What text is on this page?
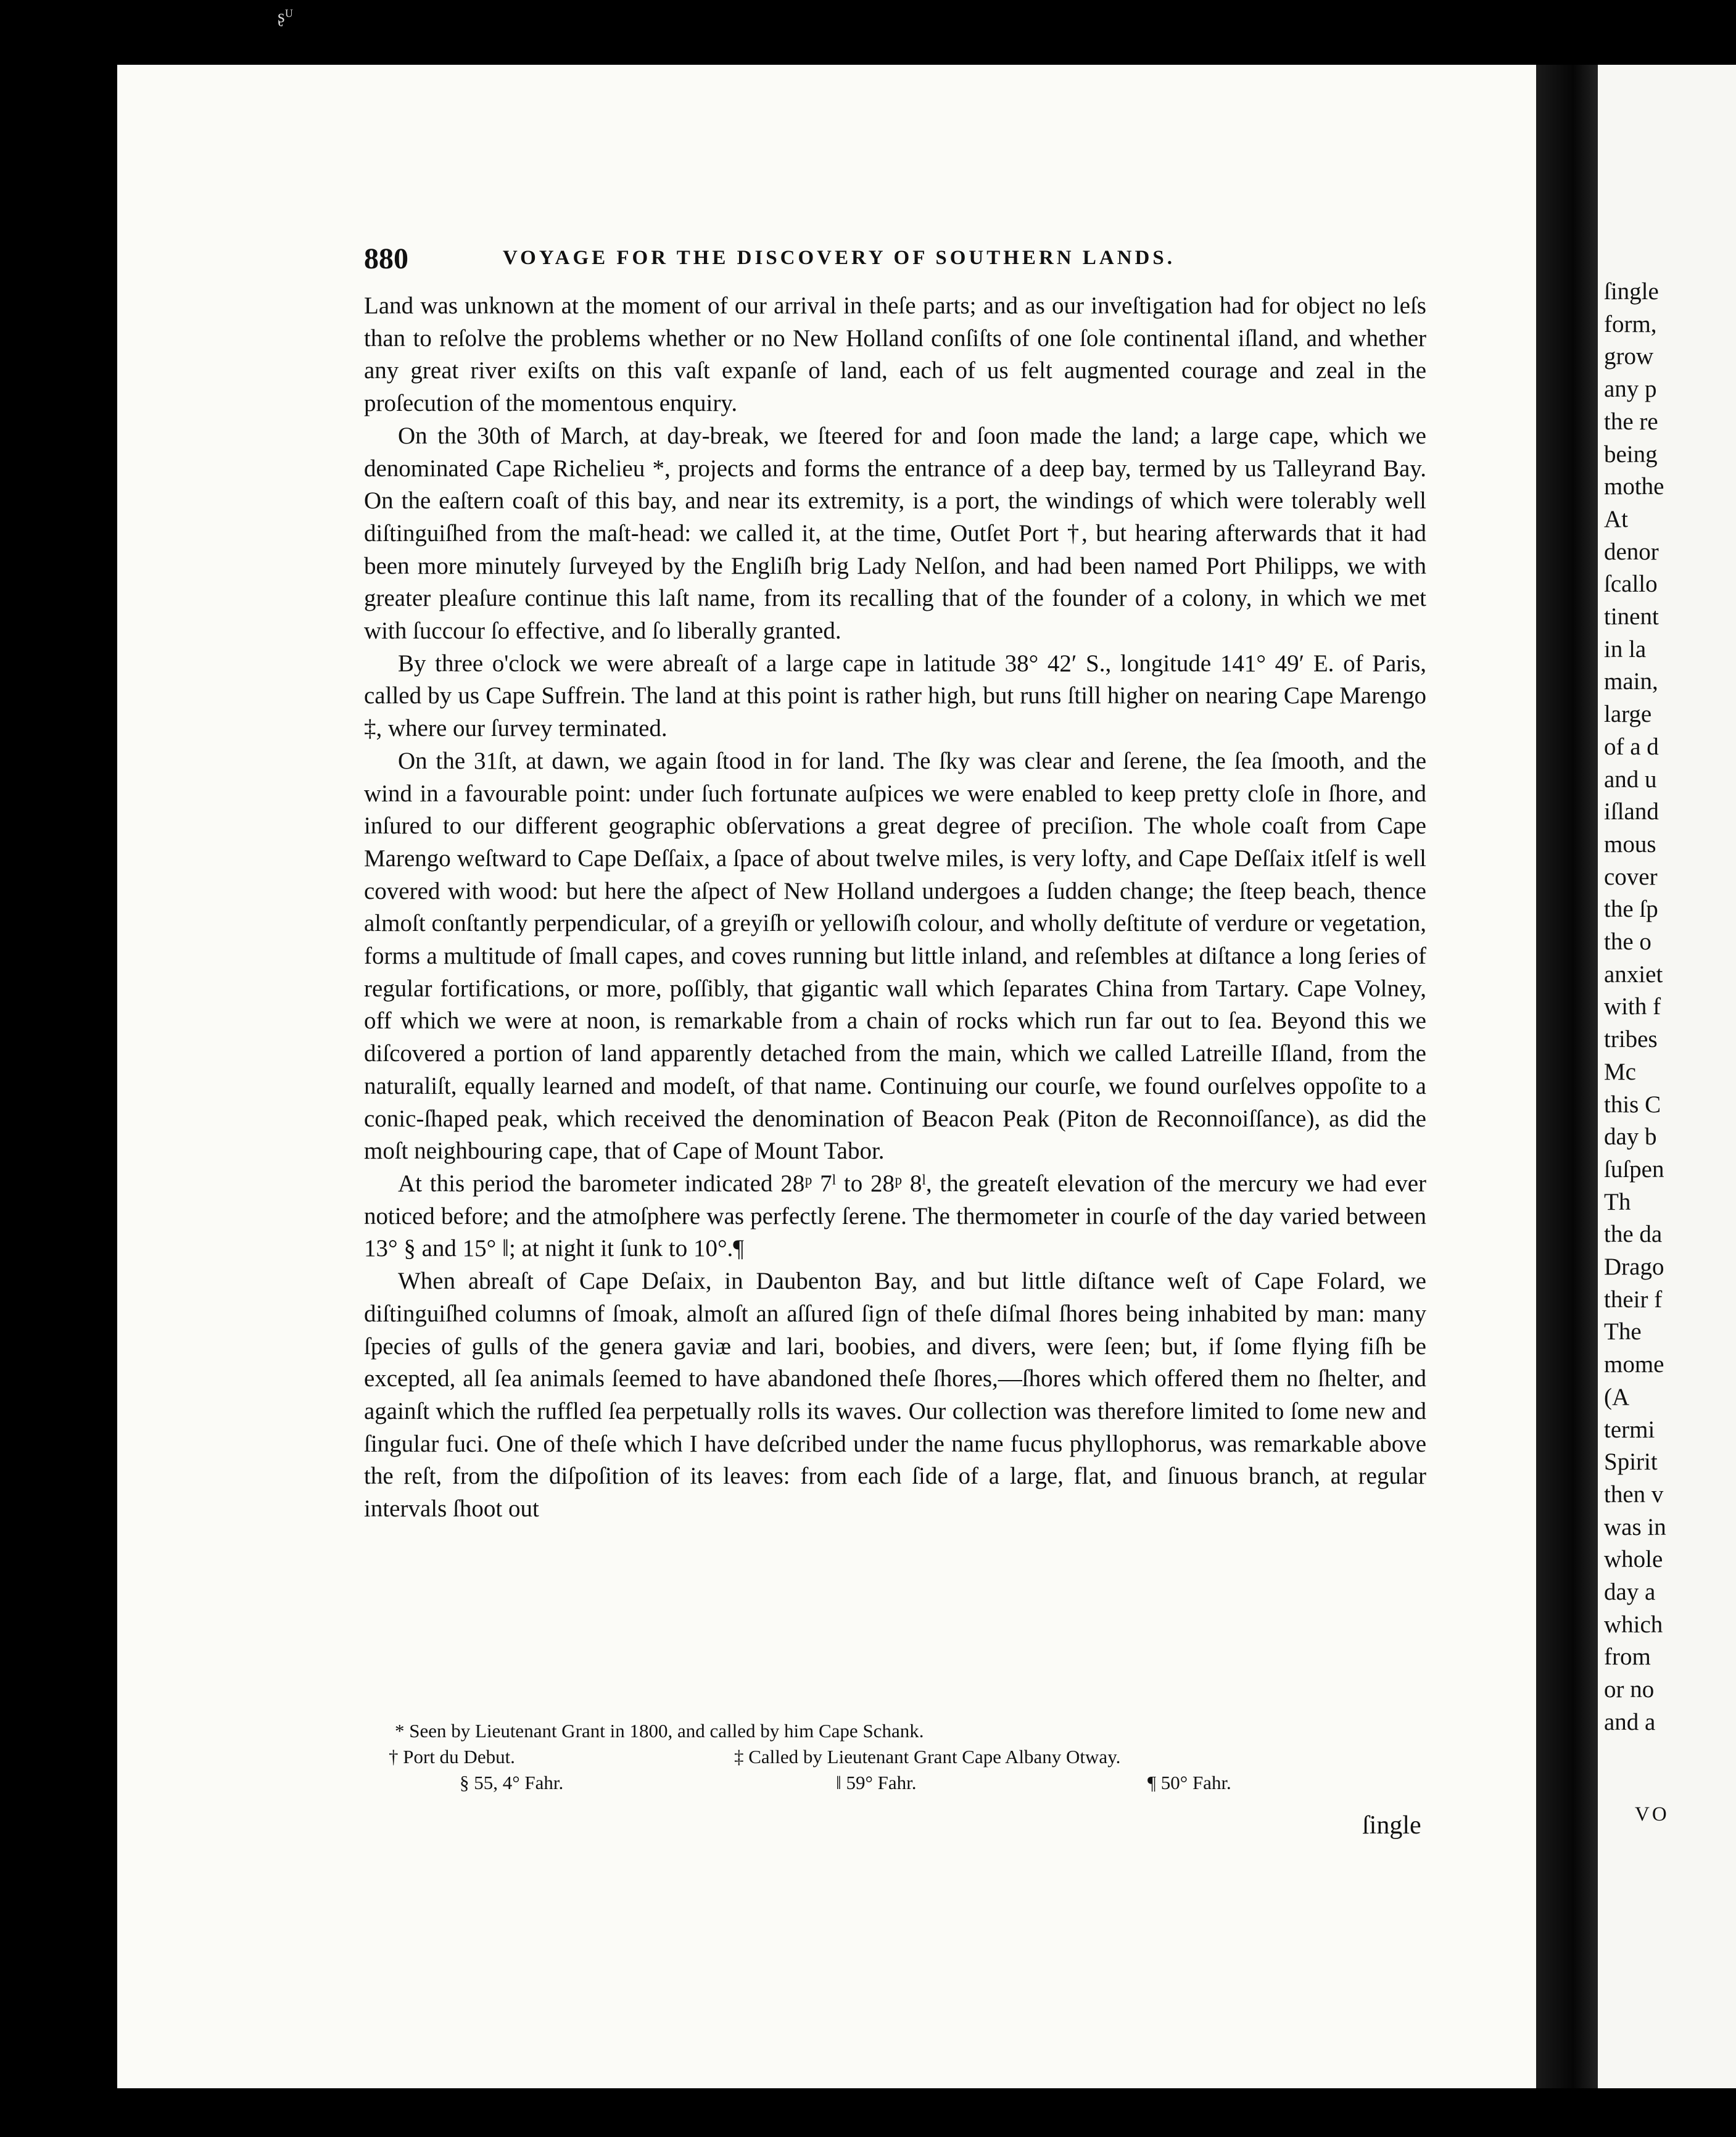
ʂᵁ
ſingle
form,
grow
any p
the re
being
mothe
At
denor
ſcallo
tinent
in la
main,
large
of a d
and u
iſland
mous
cover
the ſp
the o
anxiet
with f
tribes
Mc
this C
day b
ſuſpen
Th
the da
Drago
their f
The
mome
(A
termi
Spirit
then v
was in
whole
day a
which
from
or no
and a
VO
880	VOYAGE FOR THE DISCOVERY OF SOUTHERN LANDS.

Land was unknown at the moment of our arrival in theſe parts; and as our inveſtigation had for object no leſs than to reſolve the problems whether or no New Holland conſiſts of one ſole continental iſland, and whether any great river exiſts on this vaſt expanſe of land, each of us felt augmented courage and zeal in the proſecution of the momentous enquiry.

On the 30th of March, at day-break, we ſteered for and ſoon made the land; a large cape, which we denominated Cape Richelieu *, projects and forms the entrance of a deep bay, termed by us Talleyrand Bay. On the eaſtern coaſt of this bay, and near its extremity, is a port, the windings of which were tolerably well diſtinguiſhed from the maſt-head: we called it, at the time, Outſet Port †, but hearing afterwards that it had been more minutely ſurveyed by the Engliſh brig Lady Nelſon, and had been named Port Philipps, we with greater pleaſure continue this laſt name, from its recalling that of the founder of a colony, in which we met with ſuccour ſo effective, and ſo liberally granted.

By three o'clock we were abreaſt of a large cape in latitude 38° 42′ S., longitude 141° 49′ E. of Paris, called by us Cape Suffrein. The land at this point is rather high, but runs ſtill higher on nearing Cape Marengo ‡, where our ſurvey terminated.

On the 31ſt, at dawn, we again ſtood in for land. The ſky was clear and ſerene, the ſea ſmooth, and the wind in a favourable point: under ſuch fortunate auſpices we were enabled to keep pretty cloſe in ſhore, and inſured to our different geographic obſervations a great degree of preciſion. The whole coaſt from Cape Marengo weſtward to Cape Deſſaix, a ſpace of about twelve miles, is very lofty, and Cape Deſſaix itſelf is well covered with wood: but here the aſpect of New Holland undergoes a ſudden change; the ſteep beach, thence almoſt conſtantly perpendicular, of a greyiſh or yellowiſh colour, and wholly deſtitute of verdure or vegetation, forms a multitude of ſmall capes, and coves running but little inland, and reſembles at diſtance a long ſeries of regular fortifications, or more, poſſibly, that gigantic wall which ſeparates China from Tartary. Cape Volney, off which we were at noon, is remarkable from a chain of rocks which run far out to ſea. Beyond this we diſcovered a portion of land apparently detached from the main, which we called Latreille Iſland, from the naturaliſt, equally learned and modeſt, of that name. Continuing our courſe, we found ourſelves oppoſite to a conic-ſhaped peak, which received the denomination of Beacon Peak (Piton de Reconnoiſſance), as did the moſt neighbouring cape, that of Cape of Mount Tabor.

At this period the barometer indicated 28ᵖ 7ˡ to 28ᵖ 8ˡ, the greateſt elevation of the mercury we had ever noticed before; and the atmoſphere was perfectly ſerene. The thermometer in courſe of the day varied between 13° § and 15° ‖; at night it ſunk to 10°.¶

When abreaſt of Cape Deſaix, in Daubenton Bay, and but little diſtance weſt of Cape Folard, we diſtinguiſhed columns of ſmoak, almoſt an aſſured ſign of theſe diſmal ſhores being inhabited by man: many ſpecies of gulls of the genera gaviæ and lari, boobies, and divers, were ſeen; but, if ſome flying fiſh be excepted, all ſea animals ſeemed to have abandoned theſe ſhores,—ſhores which offered them no ſhelter, and againſt which the ruffled ſea perpetually rolls its waves. Our collection was therefore limited to ſome new and ſingular fuci. One of theſe which I have deſcribed under the name fucus phyllophorus, was remarkable above the reſt, from the diſpoſition of its leaves: from each ſide of a large, flat, and ſinuous branch, at regular intervals ſhoot out

* Seen by Lieutenant Grant in 1800, and called by him Cape Schank.
† Port du Debut.	‡ Called by Lieutenant Grant Cape Albany Otway.
§ 55, 4° Fahr.	‖ 59° Fahr.	¶ 50° Fahr.
ſingle
